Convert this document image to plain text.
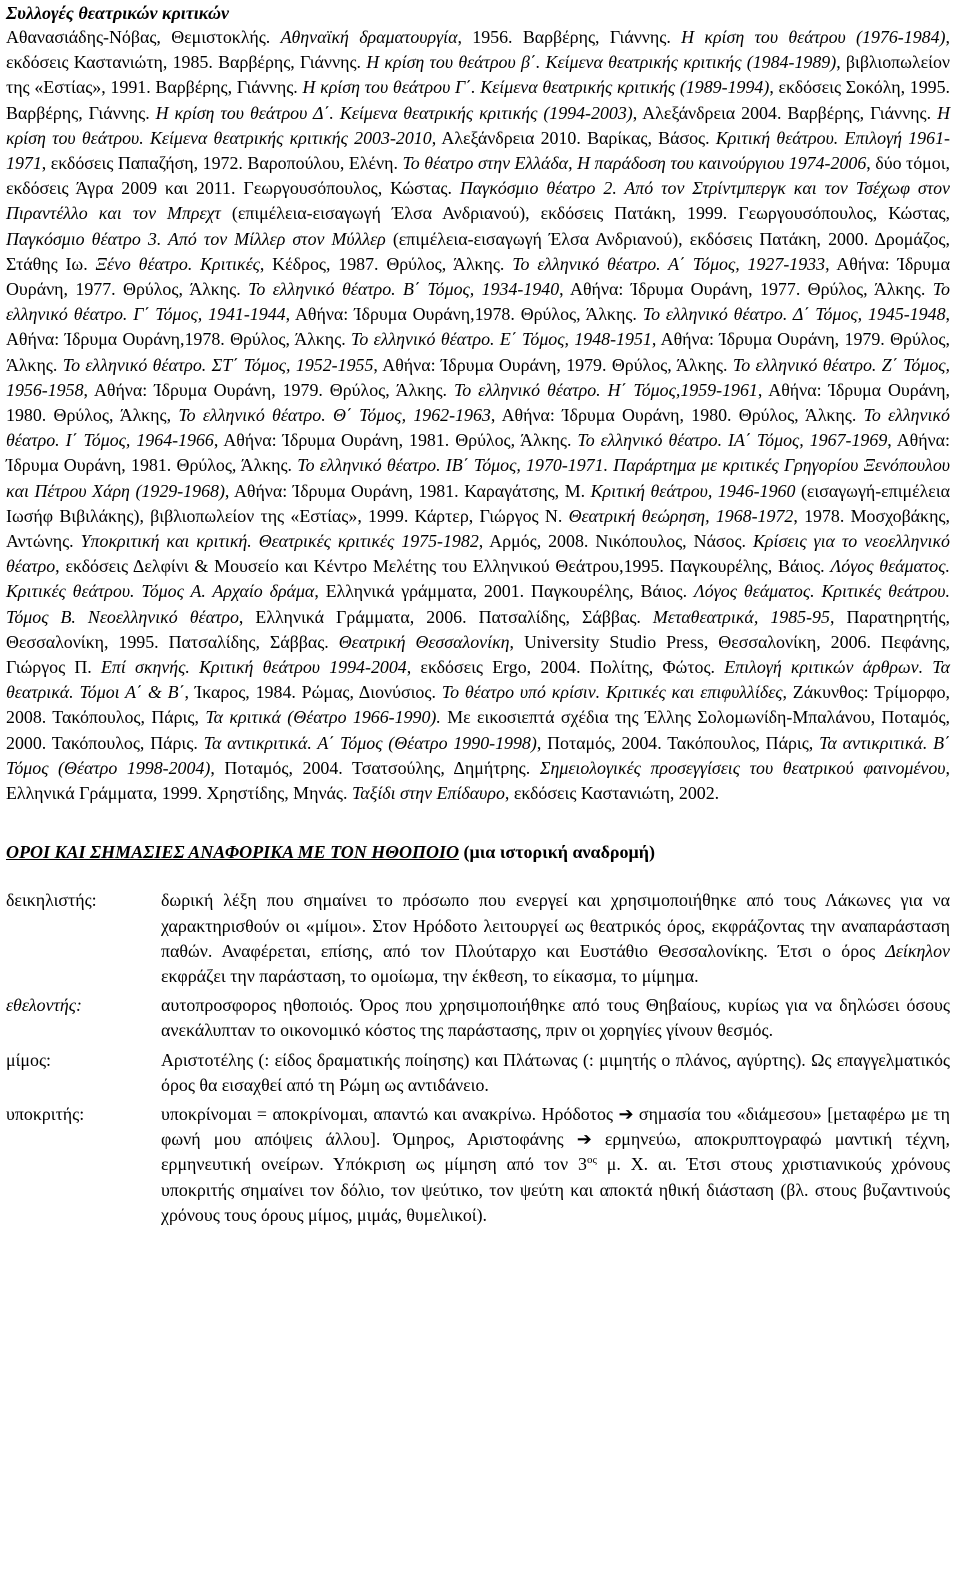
Συλλογές θεατρικών κριτικών

Αθανασιάδης-Νόβας, Θεμιστοκλής. Αθηναϊκή δραματουργία, 1956. Βαρβέρης, Γιάννης. Η κρίση του θεάτρου (1976-1984), εκδόσεις Καστανιώτη, 1985. Βαρβέρης, Γιάννης. Η κρίση του θεάτρου β΄. Κείμενα θεατρικής κριτικής (1984-1989), βιβλιοπωλείον της «Εστίας», 1991. Βαρβέρης, Γιάννης. Η κρίση του θεάτρου Γ΄. Κείμενα θεατρικής κριτικής (1989-1994), εκδόσεις Σοκόλη, 1995. Βαρβέρης, Γιάννης. Η κρίση του θεάτρου Δ΄. Κείμενα θεατρικής κριτικής (1994-2003), Αλεξάνδρεια 2004. Βαρβέρης, Γιάννης. Η κρίση του θεάτρου. Κείμενα θεατρικής κριτικής 2003-2010, Αλεξάνδρεια 2010. Βαρίκας, Βάσος. Κριτική θεάτρου. Επιλογή 1961-1971, εκδόσεις Παπαζήση, 1972. Βαροπούλου, Ελένη. Το θέατρο στην Ελλάδα, Η παράδοση του καινούργιου 1974-2006, δύο τόμοι, εκδόσεις Άγρα 2009 και 2011. Γεωργουσόπουλος, Κώστας. Παγκόσμιο θέατρο 2. Από τον Στρίντμπεργκ και τον Τσέχωφ στον Πιραντέλλο και τον Μπρεχτ (επιμέλεια-εισαγωγή Έλσα Ανδριανού), εκδόσεις Πατάκη, 1999. Γεωργουσόπουλος, Κώστας, Παγκόσμιο θέατρο 3. Από τον Μίλλερ στον Μύλλερ (επιμέλεια-εισαγωγή Έλσα Ανδριανού), εκδόσεις Πατάκη, 2000. Δρομάζος, Στάθης Ιω. Ξένο θέατρο. Κριτικές, Κέδρος, 1987. Θρύλος, Άλκης. Το ελληνικό θέατρο. Α΄ Τόμος, 1927-1933, Αθήνα: Ίδρυμα Ουράνη, 1977. Θρύλος, Άλκης. Το ελληνικό θέατρο. Β΄ Τόμος, 1934-1940, Αθήνα: Ίδρυμα Ουράνη, 1977. Θρύλος, Άλκης. Το ελληνικό θέατρο. Γ΄ Τόμος, 1941-1944, Αθήνα: Ίδρυμα Ουράνη,1978. Θρύλος, Άλκης. Το ελληνικό θέατρο. Δ΄ Τόμος, 1945-1948, Αθήνα: Ίδρυμα Ουράνη,1978. Θρύλος, Άλκης. Το ελληνικό θέατρο. Ε΄ Τόμος, 1948-1951, Αθήνα: Ίδρυμα Ουράνη, 1979. Θρύλος, Άλκης. Το ελληνικό θέατρο. ΣΤ΄ Τόμος, 1952-1955, Αθήνα: Ίδρυμα Ουράνη, 1979. Θρύλος, Άλκης. Το ελληνικό θέατρο. Ζ΄ Τόμος, 1956-1958, Αθήνα: Ίδρυμα Ουράνη, 1979. Θρύλος, Άλκης. Το ελληνικό θέατρο. Η΄ Τόμος,1959-1961, Αθήνα: Ίδρυμα Ουράνη, 1980. Θρύλος, Άλκης, Το ελληνικό θέατρο. Θ΄ Τόμος, 1962-1963, Αθήνα: Ίδρυμα Ουράνη, 1980. Θρύλος, Άλκης. Το ελληνικό θέατρο. Ι΄ Τόμος, 1964-1966, Αθήνα: Ίδρυμα Ουράνη, 1981. Θρύλος, Άλκης. Το ελληνικό θέατρο. ΙΑ΄ Τόμος, 1967-1969, Αθήνα: Ίδρυμα Ουράνη, 1981. Θρύλος, Άλκης. Το ελληνικό θέατρο. ΙΒ΄ Τόμος, 1970-1971. Παράρτημα με κριτικές Γρηγορίου Ξενόπουλου και Πέτρου Χάρη (1929-1968), Αθήνα: Ίδρυμα Ουράνη, 1981. Καραγάτσης, Μ. Κριτική θεάτρου, 1946-1960 (εισαγωγή-επιμέλεια Ιωσήφ Βιβιλάκης), βιβλιοπωλείον της «Εστίας», 1999. Κάρτερ, Γιώργος Ν. Θεατρική θεώρηση, 1968-1972, 1978. Μοσχοβάκης, Αντώνης. Υποκριτική και κριτική. Θεατρικές κριτικές 1975-1982, Αρμός, 2008. Νικόπουλος, Νάσος. Κρίσεις για το νεοελληνικό θέατρο, εκδόσεις Δελφίνι & Μουσείο και Κέντρο Μελέτης του Ελληνικού Θεάτρου,1995. Παγκουρέλης, Βάιος. Λόγος θεάματος. Κριτικές θεάτρου. Τόμος Α. Αρχαίο δράμα, Ελληνικά γράμματα, 2001. Παγκουρέλης, Βάιος. Λόγος θεάματος. Κριτικές θεάτρου. Τόμος Β. Νεοελληνικό θέατρο, Ελληνικά Γράμματα, 2006. Πατσαλίδης, Σάββας. Μεταθεατρικά, 1985-95, Παρατηρητής, Θεσσαλονίκη, 1995. Πατσαλίδης, Σάββας. Θεατρική Θεσσαλονίκη, University Studio Press, Θεσσαλονίκη, 2006. Πεφάνης, Γιώργος Π. Επί σκηνής. Κριτική θεάτρου 1994-2004, εκδόσεις Ergo, 2004. Πολίτης, Φώτος. Επιλογή κριτικών άρθρων. Τα θεατρικά. Τόμοι Α΄ & Β΄, Ίκαρος, 1984. Ρώμας, Διονύσιος. Το θέατρο υπό κρίσιν. Κριτικές και επιφυλλίδες, Ζάκυνθος: Τρίμορφο, 2008. Τακόπουλος, Πάρις, Τα κριτικά (Θέατρο 1966-1990). Με εικοσιεπτά σχέδια της Έλλης Σολομωνίδη-Μπαλάνου, Ποταμός, 2000. Τακόπουλος, Πάρις. Τα αντικριτικά. Α΄ Τόμος (Θέατρο 1990-1998), Ποταμός, 2004. Τακόπουλος, Πάρις, Τα αντικριτικά. Β΄ Τόμος (Θέατρο 1998-2004), Ποταμός, 2004. Τσατσούλης, Δημήτρης. Σημειολογικές προσεγγίσεις του θεατρικού φαινομένου, Ελληνικά Γράμματα, 1999. Χρηστίδης, Μηνάς. Ταξίδι στην Επίδαυρο, εκδόσεις Καστανιώτη, 2002.

ΟΡΟΙ ΚΑΙ ΣΗΜΑΣΙΕΣ ΑΝΑΦΟΡΙΚΑ ΜΕ ΤΟΝ ΗΘΟΠΟΙΟ (μια ιστορική αναδρομή)
δεικηλιστής:	δωρική λέξη που σημαίνει το πρόσωπο που ενεργεί και χρησιμοποιήθηκε από τους Λάκωνες για να χαρακτηρισθούν οι «μίμοι». Στον Ηρόδοτο λειτουργεί ως θεατρικός όρος, εκφράζοντας την αναπαράσταση παθών. Αναφέρεται, επίσης, από τον Πλούταρχο και Ευστάθιο Θεσσαλονίκης. Έτσι ο όρος Δείκηλον εκφράζει την παράσταση, το ομοίωμα, την έκθεση, το είκασμα, το μίμημα.
εθελοντής:	αυτοπροσφορος ηθοποιός. Όρος που χρησιμοποιήθηκε από τους Θηβαίους, κυρίως για να δηλώσει όσους ανεκάλυπταν το οικονομικό κόστος της παράστασης, πριν οι χορηγίες γίνουν θεσμός.
μίμος:	Αριστοτέλης (: είδος δραματικής ποίησης) και Πλάτωνας (: μιμητής ο πλάνος, αγύρτης). Ως επαγγελματικός όρος θα εισαχθεί από τη Ρώμη ως αντιδάνειο.
υποκριτής:	υποκρίνομαι = αποκρίνομαι, απαντώ και ανακρίνω. Ηρόδοτος ➔ σημασία του «διάμεσου» [μεταφέρω με τη φωνή μου απόψεις άλλου]. Όμηρος, Αριστοφάνης ➔ ερμηνεύω, αποκρυπτογραφώ μαντική τέχνη, ερμηνευτική ονείρων. Υπόκριση ως μίμηση από τον $3^{o\varsigma}$ μ. Χ. αι. Έτσι στους χριστιανικούς χρόνους υποκριτής σημαίνει τον δόλιο, τον ψεύτικο, τον ψεύτη και αποκτά ηθική διάσταση (βλ. στους βυζαντινούς χρόνους τους όρους μίμος, μιμάς, θυμελικοί).
